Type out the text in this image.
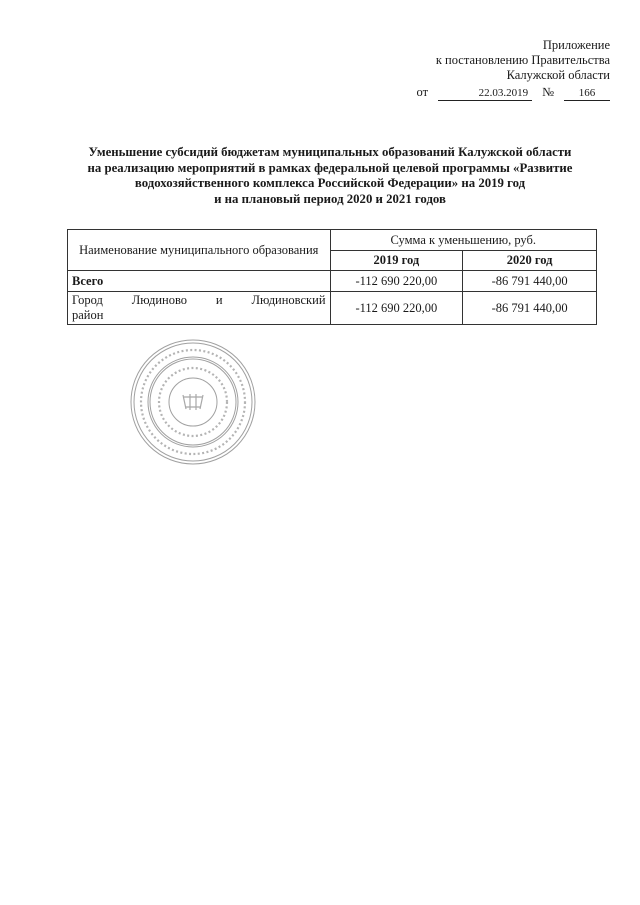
Приложение
к постановлению Правительства
Калужской области
от	22.03.2019	№	166
Уменьшение субсидий бюджетам муниципальных образований Калужской области
на реализацию мероприятий в рамках федеральной целевой программы «Развитие
водохозяйственного комплекса Российской Федерации» на 2019 год
и на плановый период 2020 и 2021 годов
Наименование муниципального образования	Сумма к уменьшению, руб.	
	2019 год	2020 год
Всего	-112 690 220,00	-86 791 440,00

Город Людиново и Людиновский
район	-112 690 220,00	-86 791 440,00
